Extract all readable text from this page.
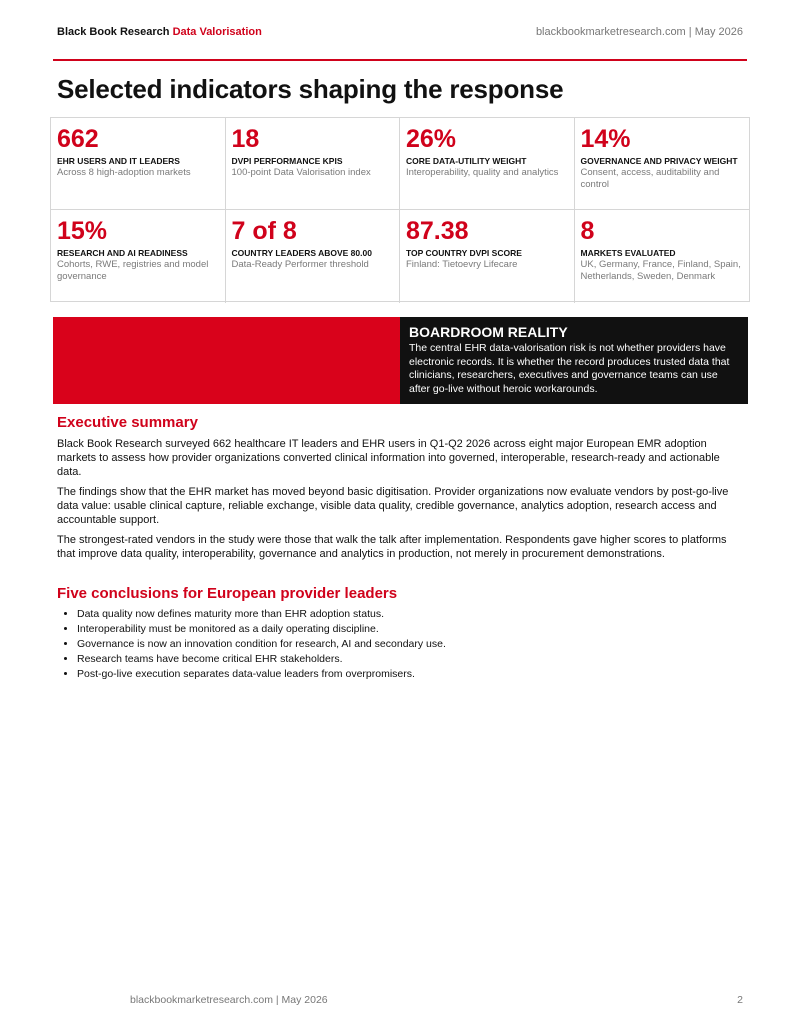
Black Book Research Data Valorisation	blackbookmarketresearch.com | May 2026
Selected indicators shaping the response
662
EHR USERS AND IT LEADERS
Across 8 high-adoption markets
18
DVPI PERFORMANCE KPIS
100-point Data Valorisation index
26%
CORE DATA-UTILITY WEIGHT
Interoperability, quality and analytics
14%
GOVERNANCE AND PRIVACY WEIGHT
Consent, access, auditability and control
15%
RESEARCH AND AI READINESS
Cohorts, RWE, registries and model governance
7 of 8
COUNTRY LEADERS ABOVE 80.00
Data-Ready Performer threshold
87.38
TOP COUNTRY DVPI SCORE
Finland: Tietoevry Lifecare
8
MARKETS EVALUATED
UK, Germany, France, Finland, Spain, Netherlands, Sweden, Denmark
BOARDROOM REALITY
The central EHR data-valorisation risk is not whether providers have electronic records. It is whether the record produces trusted data that clinicians, researchers, executives and governance teams can use after go-live without heroic workarounds.
Executive summary

Black Book Research surveyed 662 healthcare IT leaders and EHR users in Q1-Q2 2026 across eight major European EMR adoption markets to assess how provider organizations converted clinical information into governed, interoperable, research-ready and actionable data.

The findings show that the EHR market has moved beyond basic digitisation. Provider organizations now evaluate vendors by post-go-live data value: usable clinical capture, reliable exchange, visible data quality, credible governance, analytics adoption, research access and accountable support.

The strongest-rated vendors in the study were those that walk the talk after implementation. Respondents gave higher scores to platforms that improve data quality, interoperability, governance and analytics in production, not merely in procurement demonstrations.

Five conclusions for European provider leaders
• Data quality now defines maturity more than EHR adoption status.
• Interoperability must be monitored as a daily operating discipline.
• Governance is now an innovation condition for research, AI and secondary use.
• Research teams have become critical EHR stakeholders.
• Post-go-live execution separates data-value leaders from overpromisers.
blackbookmarketresearch.com | May 2026	2
